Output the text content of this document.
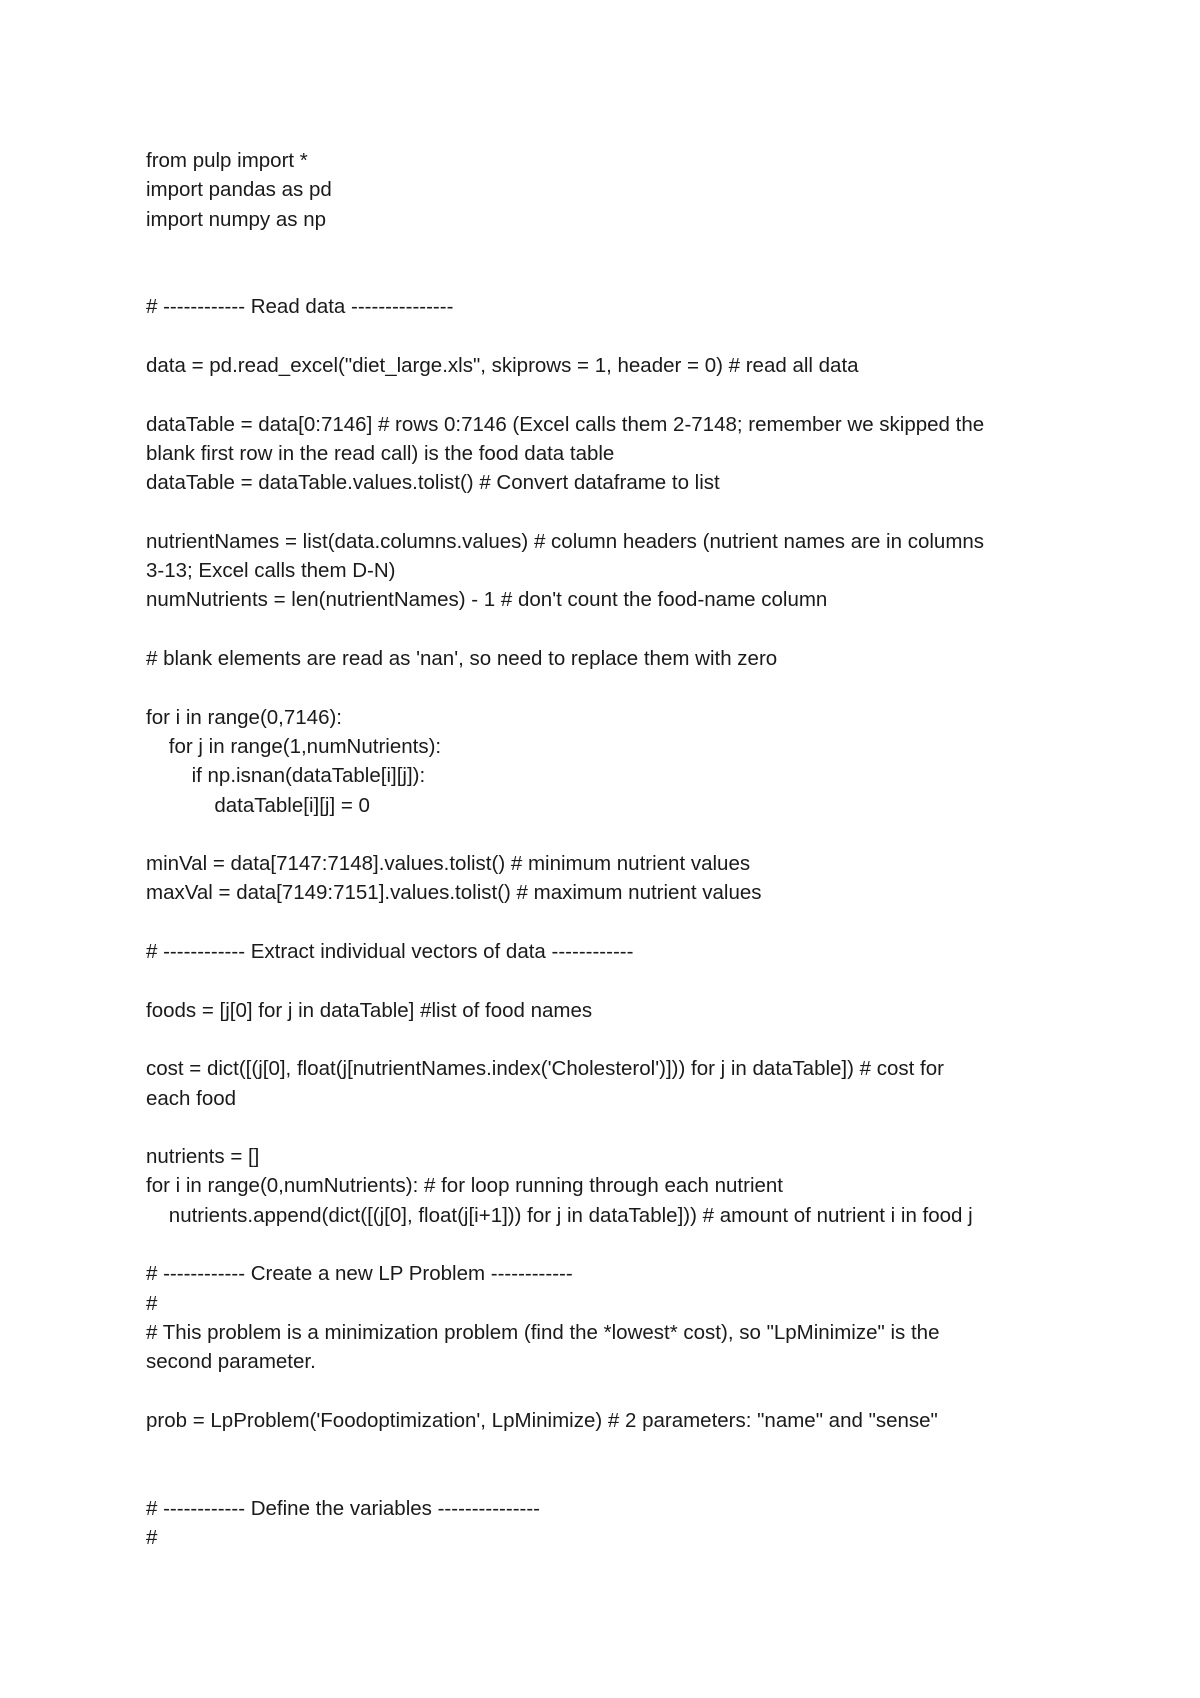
from pulp import *
import pandas as pd
import numpy as np
# ------------ Read data ---------------
data = pd.read_excel("diet_large.xls", skiprows = 1, header = 0) # read all data
dataTable = data[0:7146] # rows 0:7146 (Excel calls them 2-7148; remember we skipped the
blank first row in the read call) is the food data table
dataTable = dataTable.values.tolist() # Convert dataframe to list
nutrientNames = list(data.columns.values) # column headers (nutrient names are in columns
3-13; Excel calls them D-N)
numNutrients = len(nutrientNames) - 1 # don't count the food-name column
# blank elements are read as 'nan', so need to replace them with zero
for i in range(0,7146):
for j in range(1,numNutrients):
if np.isnan(dataTable[i][j]):
dataTable[i][j] = 0
minVal = data[7147:7148].values.tolist() # minimum nutrient values
maxVal = data[7149:7151].values.tolist() # maximum nutrient values
# ------------ Extract individual vectors of data ------------
foods = [j[0] for j in dataTable] #list of food names
cost = dict([(j[0], float(j[nutrientNames.index('Cholesterol')])) for j in dataTable]) # cost for
each food
nutrients = []
for i in range(0,numNutrients): # for loop running through each nutrient
nutrients.append(dict([(j[0], float(j[i+1])) for j in dataTable])) # amount of nutrient i in food j
# ------------ Create a new LP Problem ------------
#
# This problem is a minimization problem (find the *lowest* cost), so "LpMinimize" is the
second parameter.
prob = LpProblem('Foodoptimization', LpMinimize) # 2 parameters: "name" and "sense"
# ------------ Define the variables ---------------
#
